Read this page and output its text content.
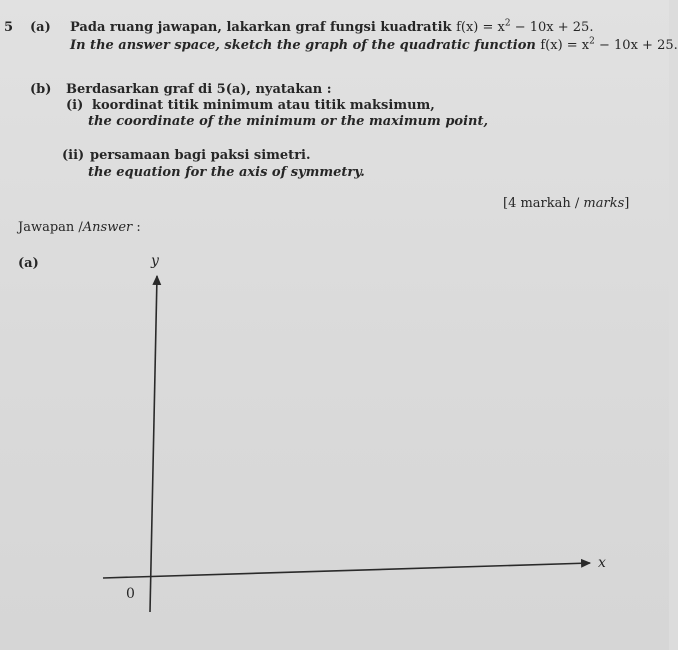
5 (a) Pada ruang jawapan, lakarkan graf fungsi kuadratik $f(x) = x^2 - 10x + 25$.
In the answer space, sketch the graph of the quadratic function $f(x) = x^2 - 10x + 25$.
(b) Berdasarkan graf di 5(a), nyatakan :
(i) koordinat titik minimum atau titik maksimum,
the coordinate of the minimum or the maximum point,
(ii) persamaan bagi paksi simetri.
the equation for the axis of symmetry.
[4 markah / marks]
Jawapan /Answer :
(a)	y
x
0
